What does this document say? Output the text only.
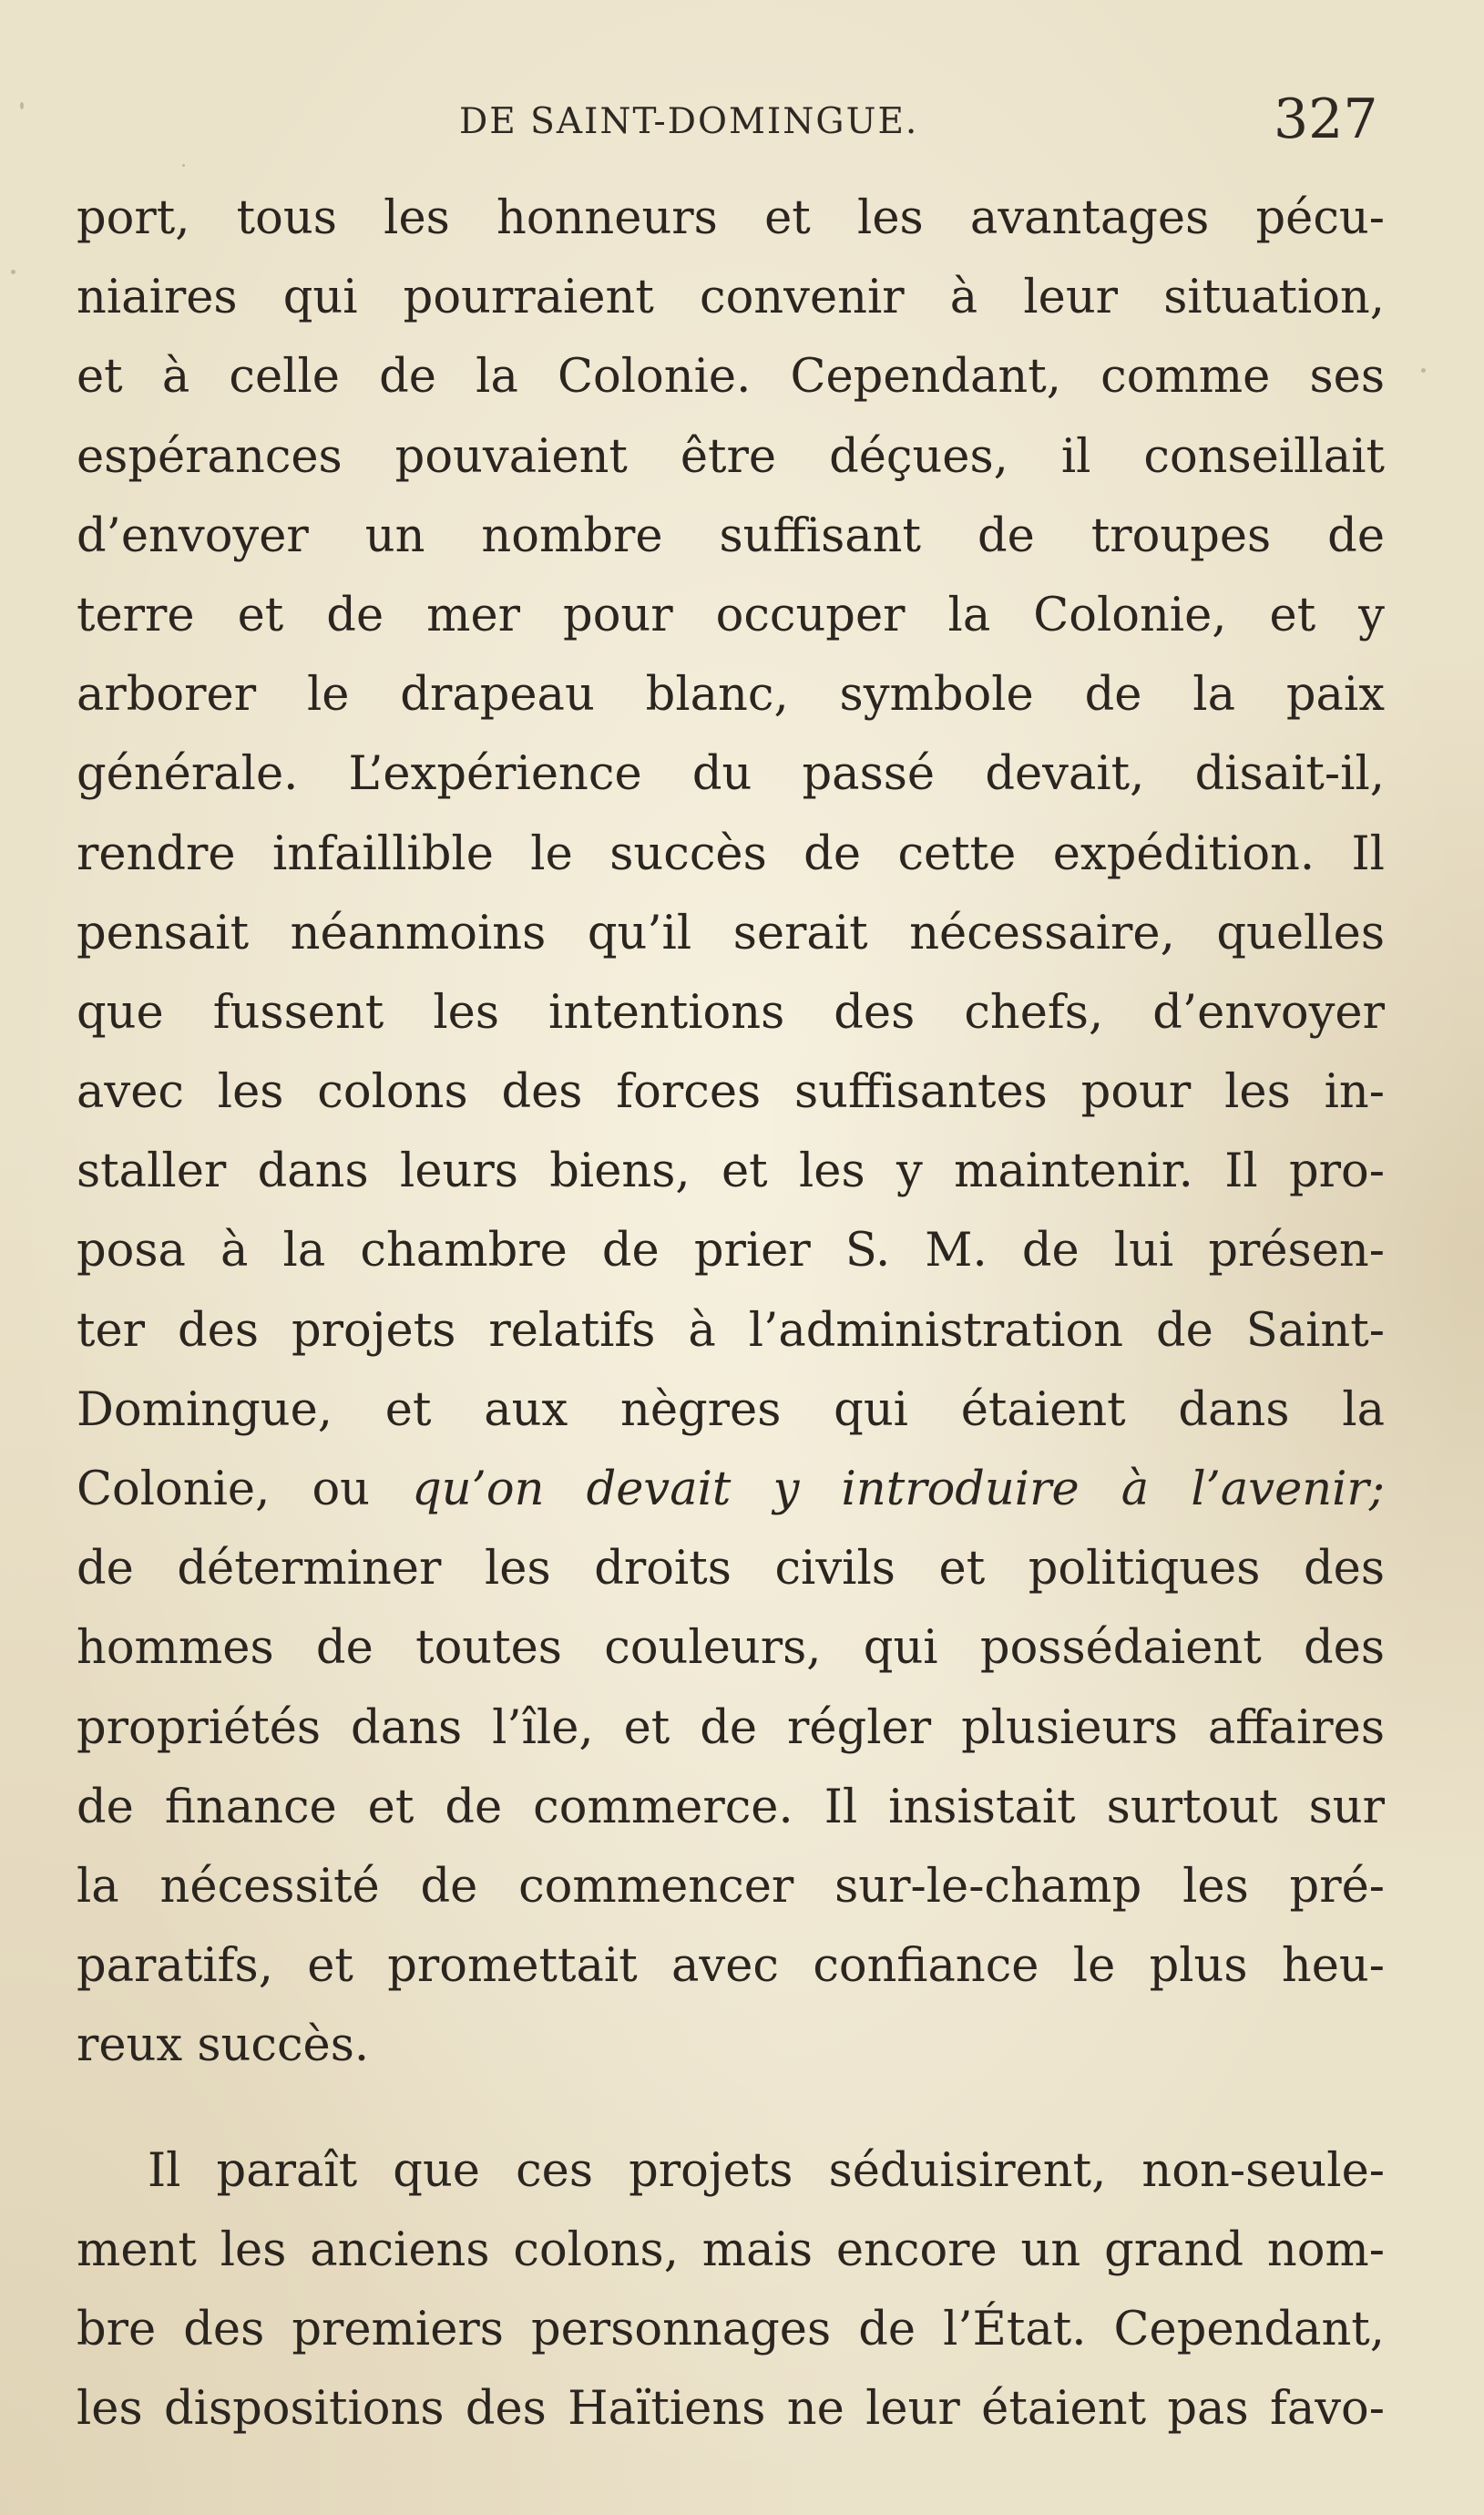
DE SAINT-DOMINGUE.	327
port, tous les honneurs et les avantages pécu-
niaires qui pourraient convenir à leur situation,
et à celle de la Colonie. Cependant, comme ses
espérances pouvaient être déçues, il conseillait
d’envoyer un nombre suffisant de troupes de
terre et de mer pour occuper la Colonie, et y
arborer le drapeau blanc, symbole de la paix
générale. L’expérience du passé devait, disait-il,
rendre infaillible le succès de cette expédition. Il
pensait néanmoins qu’il serait nécessaire, quelles
que fussent les intentions des chefs, d’envoyer
avec les colons des forces suffisantes pour les in-
staller dans leurs biens, et les y maintenir. Il pro-
posa à la chambre de prier S. M. de lui présen-
ter des projets relatifs à l’administration de Saint-
Domingue, et aux nègres qui étaient dans la
Colonie, ou qu’on devait y introduire à l’avenir;
de déterminer les droits civils et politiques des
hommes de toutes couleurs, qui possédaient des
propriétés dans l’île, et de régler plusieurs affaires
de finance et de commerce. Il insistait surtout sur
la nécessité de commencer sur-le-champ les pré-
paratifs, et promettait avec confiance le plus heu-
reux succès.
Il paraît que ces projets séduisirent, non-seule-
ment les anciens colons, mais encore un grand nom-
bre des premiers personnages de l’État. Cependant,
les dispositions des Haïtiens ne leur étaient pas favo-
